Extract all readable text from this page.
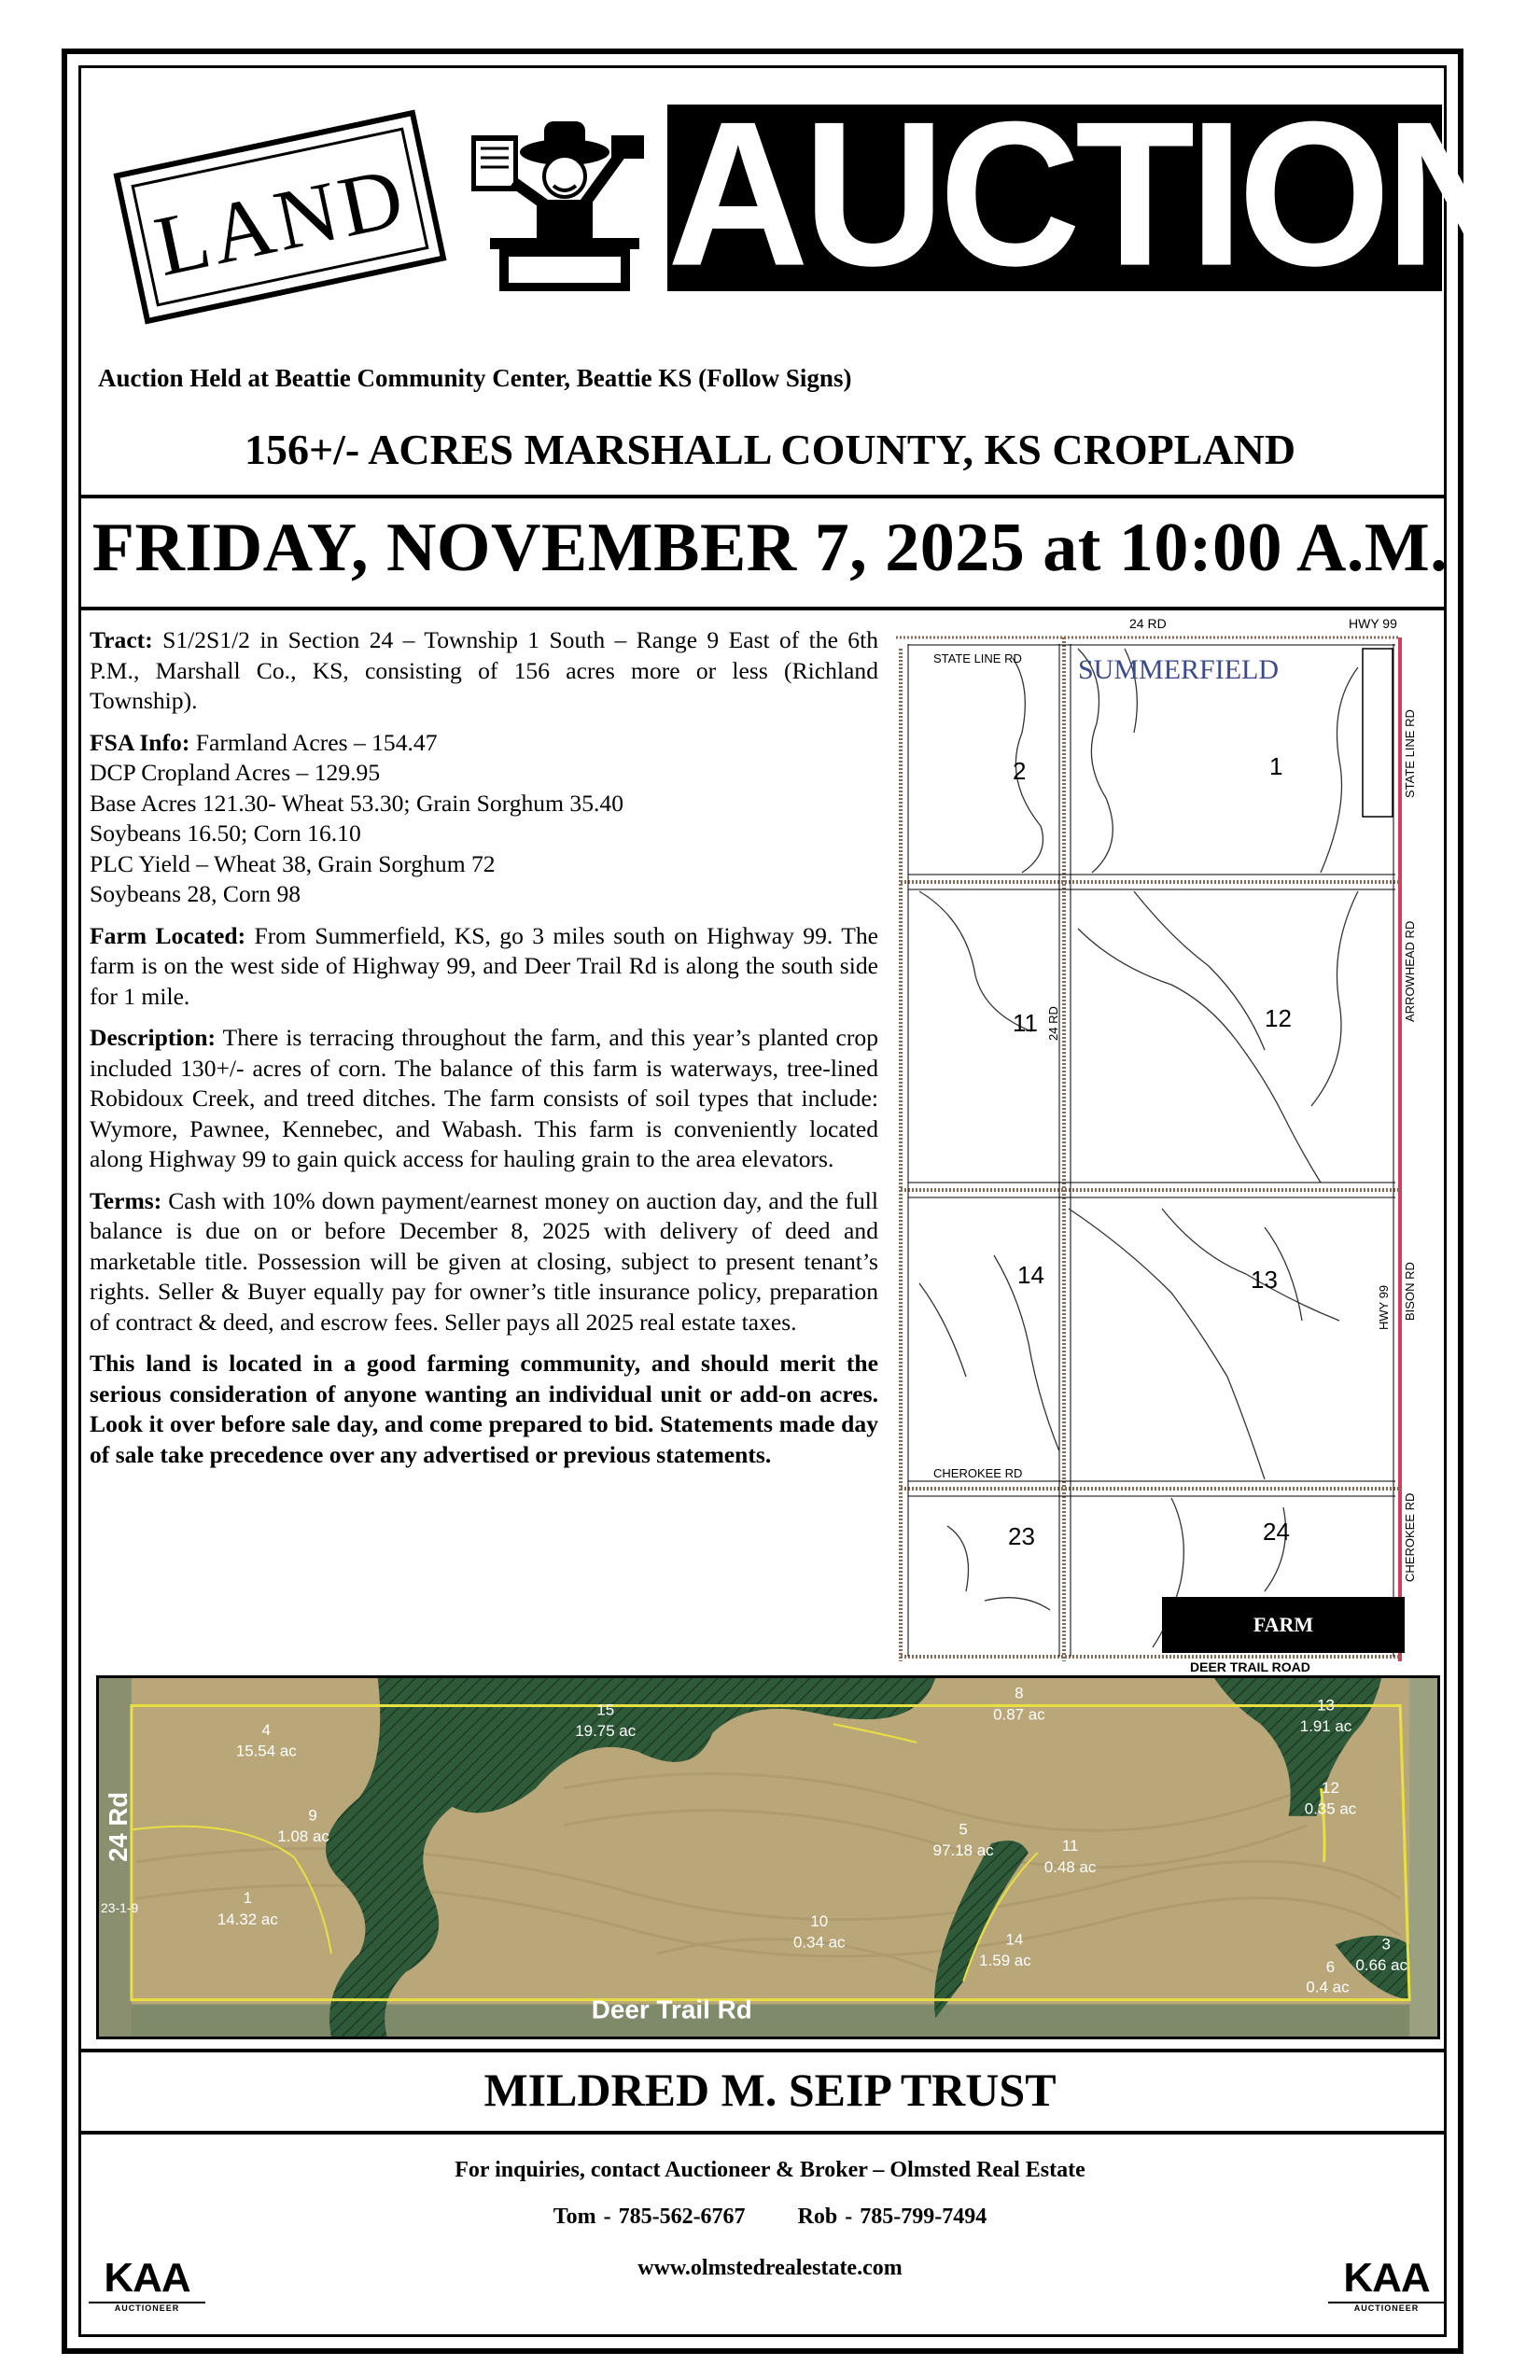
LAND AUCTION
Auction Held at Beattie Community Center, Beattie KS (Follow Signs)
156+/- ACRES MARSHALL COUNTY, KS CROPLAND
FRIDAY, NOVEMBER 7, 2025 at 10:00 A.M.

Tract: S1/2S1/2 in Section 24 – Township 1 South – Range 9 East of the 6th P.M., Marshall Co., KS, consisting of 156 acres more or less (Richland Township).

FSA Info: Farmland Acres – 154.47
DCP Cropland Acres – 129.95
Base Acres 121.30- Wheat 53.30; Grain Sorghum 35.40
Soybeans 16.50; Corn 16.10
PLC Yield – Wheat 38, Grain Sorghum 72
Soybeans 28, Corn 98

Farm Located: From Summerfield, KS, go 3 miles south on Highway 99. The farm is on the west side of Highway 99, and Deer Trail Rd is along the south side for 1 mile.

Description: There is terracing throughout the farm, and this year’s planted crop included 130+/- acres of corn. The balance of this farm is waterways, tree-lined Robidoux Creek, and treed ditches. The farm consists of soil types that include: Wymore, Pawnee, Kennebec, and Wabash. This farm is conveniently located along Highway 99 to gain quick access for hauling grain to the area elevators.

Terms: Cash with 10% down payment/earnest money on auction day, and the full balance is due on or before December 8, 2025 with delivery of deed and marketable title. Possession will be given at closing, subject to present tenant’s rights. Seller & Buyer equally pay for owner’s title insurance policy, preparation of contract & deed, and escrow fees. Seller pays all 2025 real estate taxes.

This land is located in a good farming community, and should merit the serious consideration of anyone wanting an individual unit or add-on acres. Look it over before sale day, and come prepared to bid. Statements made day of sale take precedence over any advertised or previous statements.

24 RD	HWY 99
STATE LINE RD SUMMERFIELD
STATE LINE RD
ARROWHEAD RD
24 RD
BISON RD
HWY 99
CHEROKEE RD
CHEROKEE RD
2	1
11	12
14	13
23	24
FARM
DEER TRAIL ROAD
24 Rd
Deer Trail Rd
23-1-9
4
15.54 ac
15
19.75 ac
8
0.87 ac
13
1.91 ac
9
1.08 ac
12
0.35 ac
5
97.18 ac	11
0.48 ac
1
14.32 ac	10
0.34 ac	14
1.59 ac
3
0.66 ac
6
0.4 ac
MILDRED M. SEIP TRUST
For inquiries, contact Auctioneer & Broker – Olmsted Real Estate
Tom - 785-562-6767 Rob - 785-799-7494
www.olmstedrealestate.com
KAA
AUCTIONEER
KAA
AUCTIONEER
